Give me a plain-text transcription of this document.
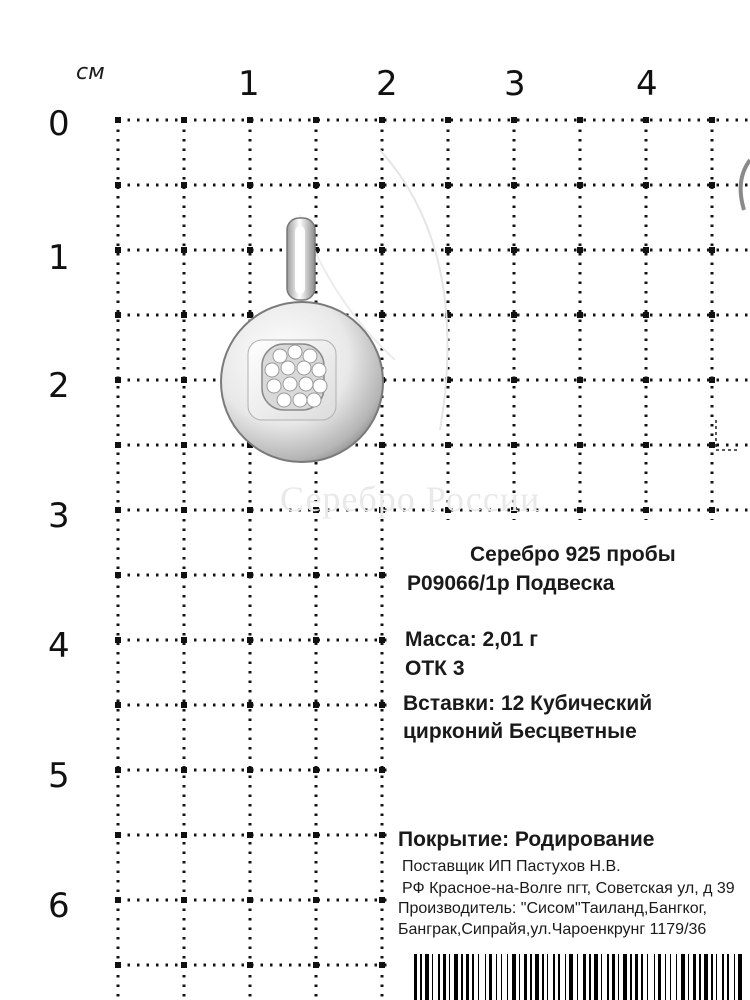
см	1	2	3	4
0
1
2
3
4
5
6
Серебро России
Серебро 925 пробы
Р09066/1р Подвеска
Масса: 2,01 г
ОТК 3
Вставки: 12 Кубический
цирконий Бесцветные
Покрытие: Родирование
Поставщик ИП Пастухов Н.В.
РФ Красное-на-Волге пгт, Советская ул, д 39
Производитель: "Сисом"Таиланд,Бангког,
Банграк,Сипрайя,ул.Чароенкрунг 1179/36
